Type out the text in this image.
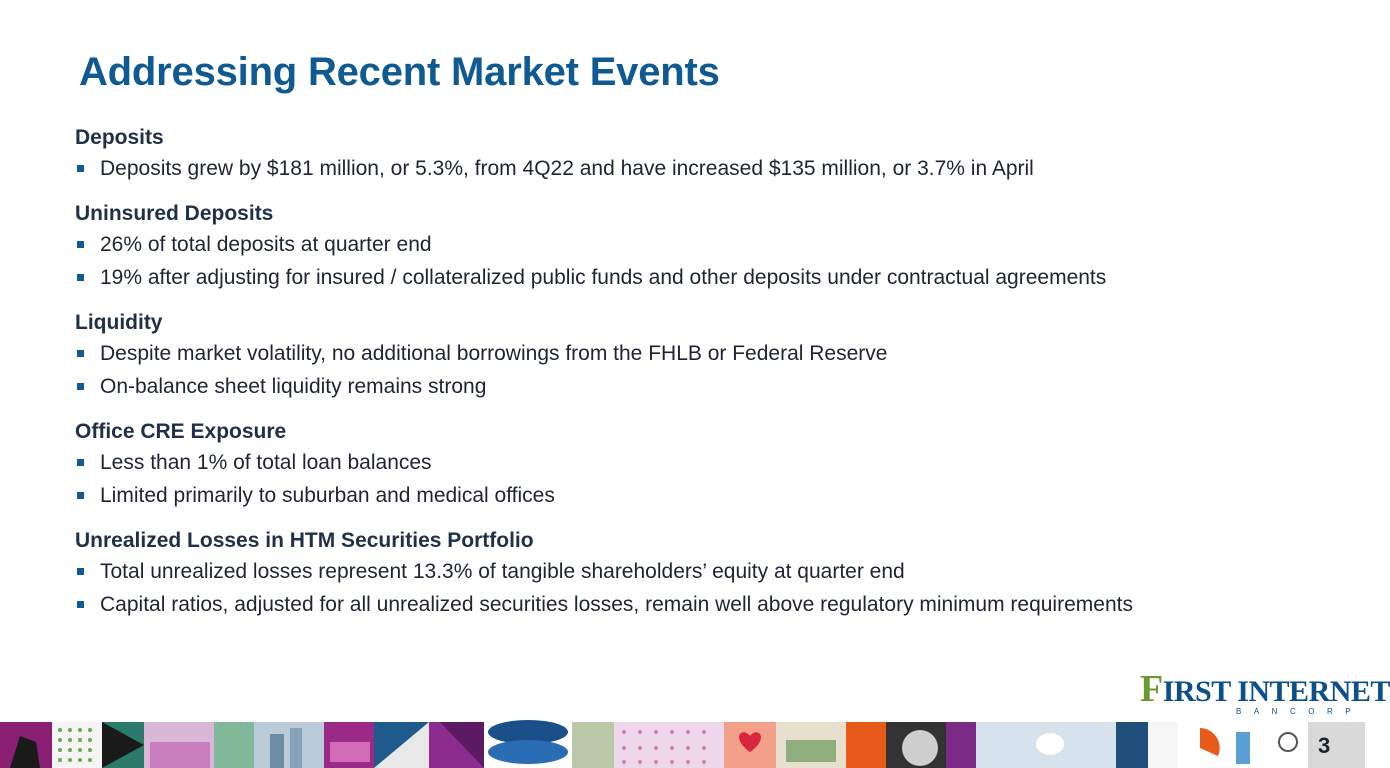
Addressing Recent Market Events
Deposits
Deposits grew by $181 million, or 5.3%, from 4Q22 and have increased $135 million, or 3.7% in April
Uninsured Deposits
26% of total deposits at quarter end
19% after adjusting for insured / collateralized public funds and other deposits under contractual agreements
Liquidity
Despite market volatility, no additional borrowings from the FHLB or Federal Reserve
On-balance sheet liquidity remains strong
Office CRE Exposure
Less than 1% of total loan balances
Limited primarily to suburban and medical offices
Unrealized Losses in HTM Securities Portfolio
Total unrealized losses represent 13.3% of tangible shareholders’ equity at quarter end
Capital ratios, adjusted for all unrealized securities losses, remain well above regulatory minimum requirements
FIRST INTERNET
BANCORP
3
